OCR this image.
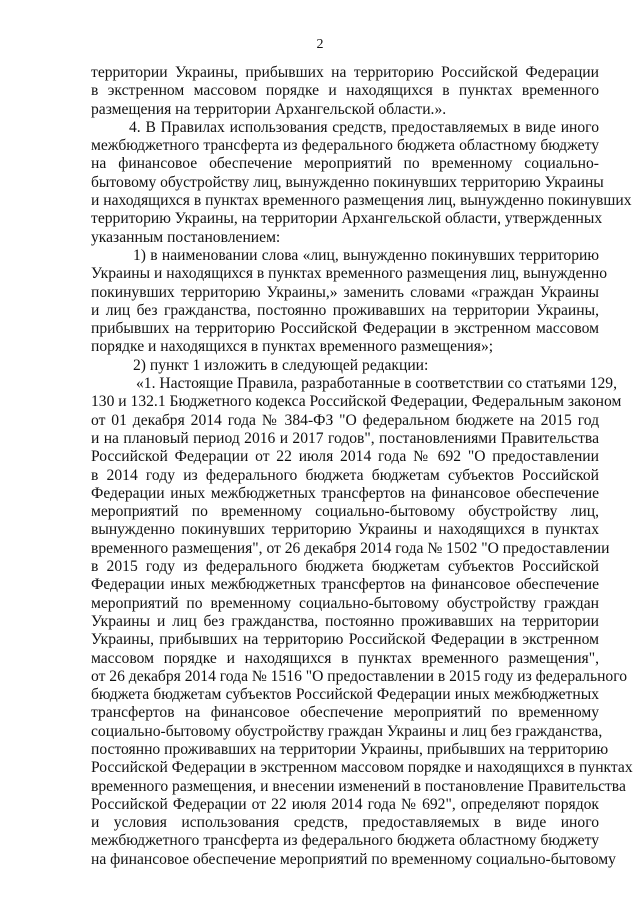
2
территории Украины, прибывших на территорию Российской Федерации
в экстренном массовом порядке и находящихся в пунктах временного
размещения на территории Архангельской области.».
4. В Правилах использования средств, предоставляемых в виде иного
межбюджетного трансферта из федерального бюджета областному бюджету
на финансовое обеспечение мероприятий по временному социально-
бытовому обустройству лиц, вынужденно покинувших территорию Украины
и находящихся в пунктах временного размещения лиц, вынужденно покинувших
территорию Украины, на территории Архангельской области, утвержденных
указанным постановлением:
1) в наименовании слова «лиц, вынужденно покинувших территорию
Украины и находящихся в пунктах временного размещения лиц, вынужденно
покинувших территорию Украины,» заменить словами «граждан Украины
и лиц без гражданства, постоянно проживавших на территории Украины,
прибывших на территорию Российской Федерации в экстренном массовом
порядке и находящихся в пунктах временного размещения»;
2) пункт 1 изложить в следующей редакции:
«1. Настоящие Правила, разработанные в соответствии со статьями 129,
130 и 132.1 Бюджетного кодекса Российской Федерации, Федеральным законом
от 01 декабря 2014 года № 384-ФЗ "О федеральном бюджете на 2015 год
и на плановый период 2016 и 2017 годов", постановлениями Правительства
Российской Федерации от 22 июля 2014 года № 692 "О предоставлении
в 2014 году из федерального бюджета бюджетам субъектов Российской
Федерации иных межбюджетных трансфертов на финансовое обеспечение
мероприятий по временному социально-бытовому обустройству лиц,
вынужденно покинувших территорию Украины и находящихся в пунктах
временного размещения", от 26 декабря 2014 года № 1502 "О предоставлении
в 2015 году из федерального бюджета бюджетам субъектов Российской
Федерации иных межбюджетных трансфертов на финансовое обеспечение
мероприятий по временному социально-бытовому обустройству граждан
Украины и лиц без гражданства, постоянно проживавших на территории
Украины, прибывших на территорию Российской Федерации в экстренном
массовом порядке и находящихся в пунктах временного размещения",
от 26 декабря 2014 года № 1516 "О предоставлении в 2015 году из федерального
бюджета бюджетам субъектов Российской Федерации иных межбюджетных
трансфертов на финансовое обеспечение мероприятий по временному
социально-бытовому обустройству граждан Украины и лиц без гражданства,
постоянно проживавших на территории Украины, прибывших на территорию
Российской Федерации в экстренном массовом порядке и находящихся в пунктах
временного размещения, и внесении изменений в постановление Правительства
Российской Федерации от 22 июля 2014 года № 692", определяют порядок
и условия использования средств, предоставляемых в виде иного
межбюджетного трансферта из федерального бюджета областному бюджету
на финансовое обеспечение мероприятий по временному социально-бытовому
